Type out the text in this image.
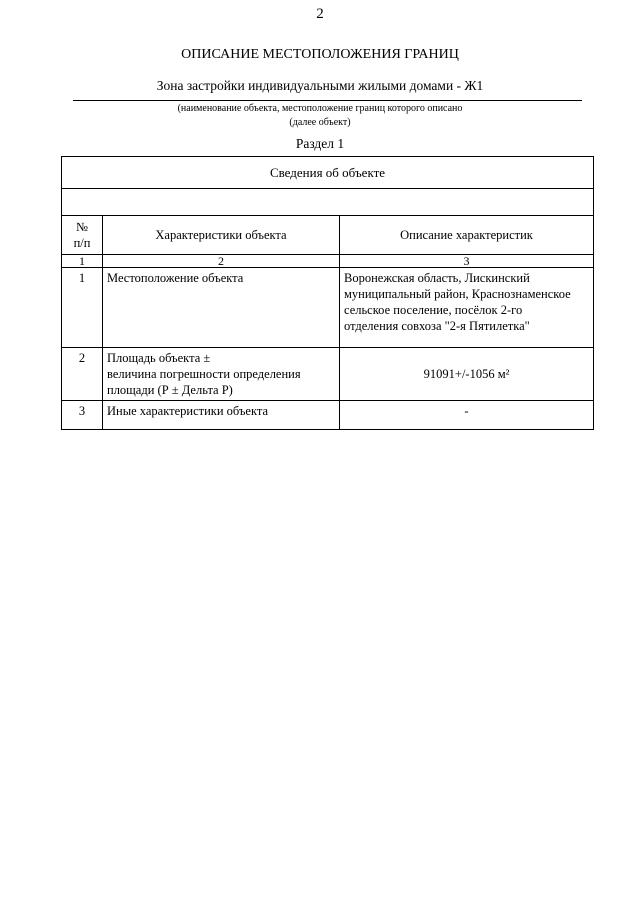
2
ОПИСАНИЕ МЕСТОПОЛОЖЕНИЯ ГРАНИЦ
Зона застройки индивидуальными жилыми домами - Ж1
(наименование объекта, местоположение границ которого описано
(далее объект)
Раздел 1
Сведения об объекте		

№
п/п	Характеристики объекта	Описание характеристик
1	2	3
1	Местоположение объекта	Воронежская область, Лискинский
муниципальный район, Краснознаменское
сельское поселение, посёлок 2-го
отделения совхоза "2-я Пятилетка"

2	Площадь объекта ±
величина погрешности определения
площади (Р ± Дельта Р)	91091+/-1056 м²
3	Иные характеристики объекта	-
